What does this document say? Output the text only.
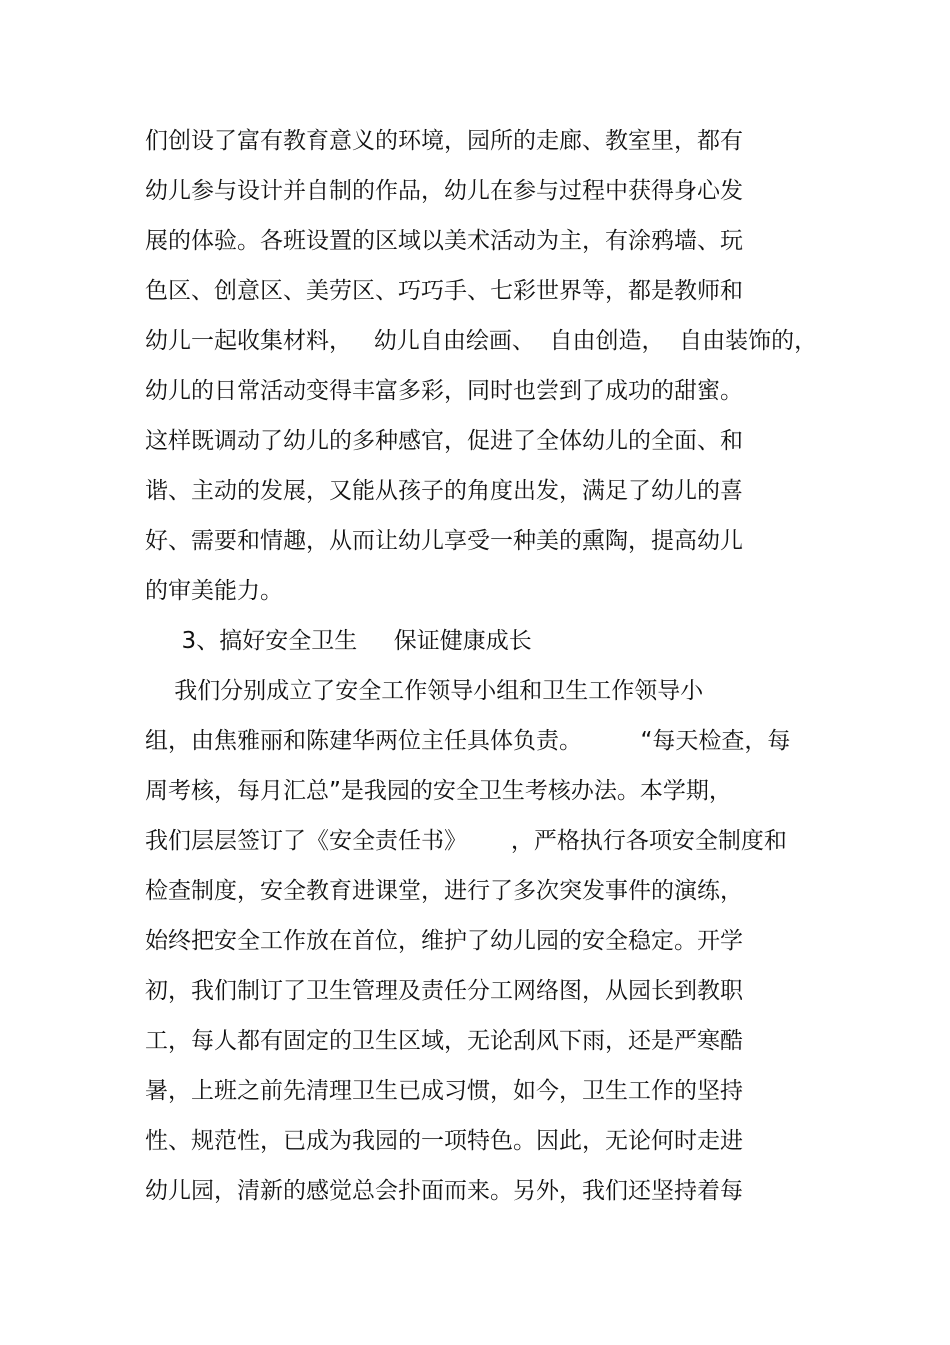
们创设了富有教育意义的环境，园所的走廊、教室里，都有
幼儿参与设计并自制的作品，幼儿在参与过程中获得身心发
展的体验。各班设置的区域以美术活动为主，有涂鸦墙、玩
色区、创意区、美劳区、巧巧手、七彩世界等，都是教师和
幼儿一起收集材料，   幼儿自由绘画、  自由创造，  自由装饰的，
幼儿的日常活动变得丰富多彩，同时也尝到了成功的甜蜜。
这样既调动了幼儿的多种感官，促进了全体幼儿的全面、和
谐、主动的发展，又能从孩子的角度出发，满足了幼儿的喜
好、需要和情趣，从而让幼儿享受一种美的熏陶，提高幼儿
的审美能力。
3、搞好安全卫生     保证健康成长
我们分别成立了安全工作领导小组和卫生工作领导小
组，由焦雅丽和陈建华两位主任具体负责。        “每天检查，每
周考核，每月汇总”是我园的安全卫生考核办法。本学期，
我们层层签订了《安全责任书》      ，严格执行各项安全制度和
检查制度，安全教育进课堂，进行了多次突发事件的演练，
始终把安全工作放在首位，维护了幼儿园的安全稳定。开学
初，我们制订了卫生管理及责任分工网络图，从园长到教职
工，每人都有固定的卫生区域，无论刮风下雨，还是严寒酷
暑，上班之前先清理卫生已成习惯，如今，卫生工作的坚持
性、规范性，已成为我园的一项特色。因此，无论何时走进
幼儿园，清新的感觉总会扑面而来。另外，我们还坚持着每
